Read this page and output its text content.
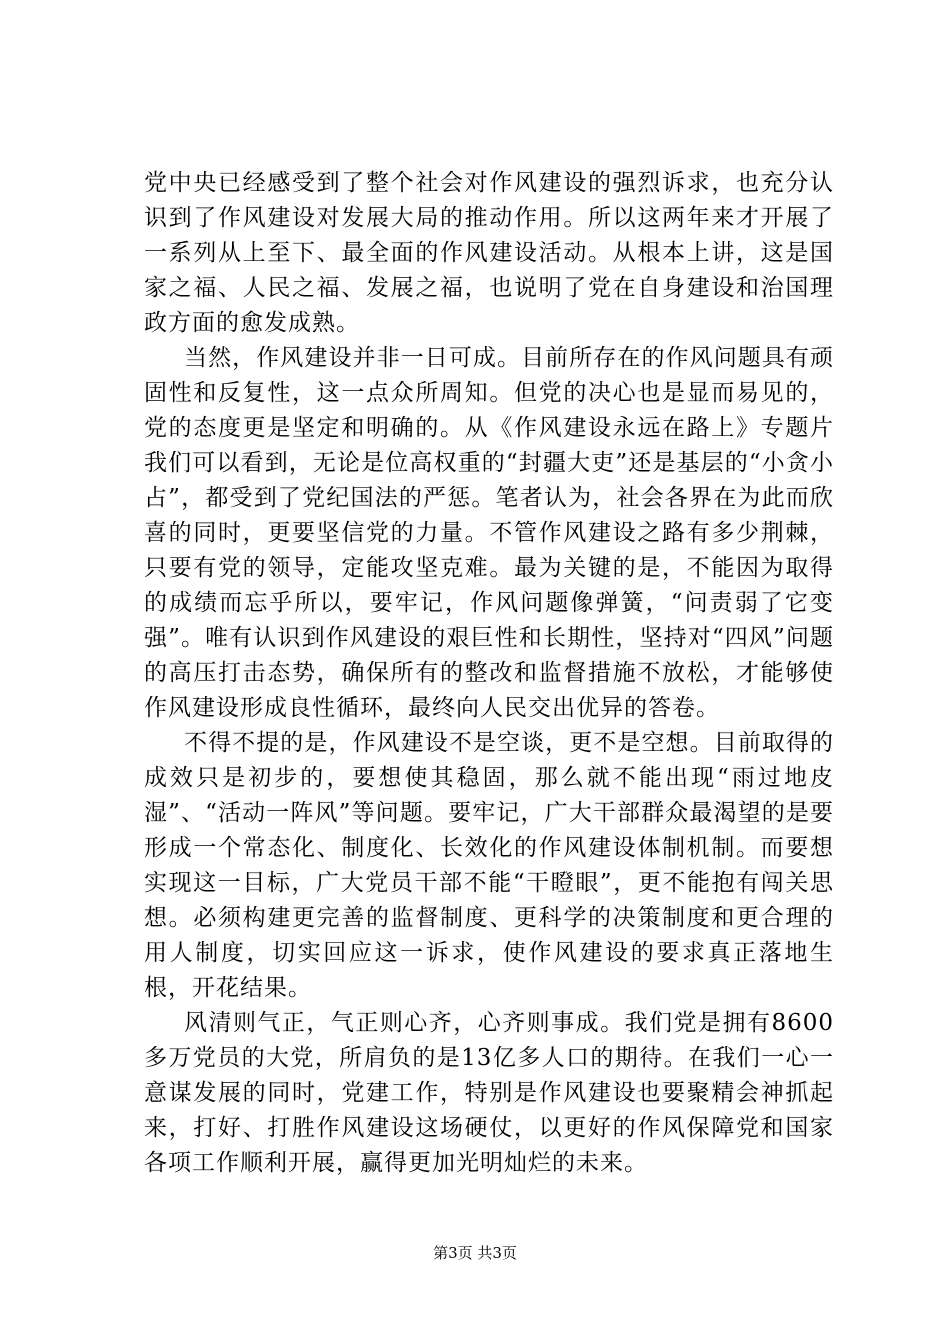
党中央已经感受到了整个社会对作风建设的强烈诉求，也充分认识到了作风建设对发展大局的推动作用。所以这两年来才开展了一系列从上至下、最全面的作风建设活动。从根本上讲，这是国家之福、人民之福、发展之福，也说明了党在自身建设和治国理政方面的愈发成熟。

当然，作风建设并非一日可成。目前所存在的作风问题具有顽固性和反复性，这一点众所周知。但党的决心也是显而易见的，党的态度更是坚定和明确的。从《作风建设永远在路上》专题片我们可以看到，无论是位高权重的“封疆大吏”还是基层的“小贪小占”，都受到了党纪国法的严惩。笔者认为，社会各界在为此而欣喜的同时，更要坚信党的力量。不管作风建设之路有多少荆棘，只要有党的领导，定能攻坚克难。最为关键的是，不能因为取得的成绩而忘乎所以，要牢记，作风问题像弹簧，“问责弱了它变强”。唯有认识到作风建设的艰巨性和长期性，坚持对“四风”问题的高压打击态势，确保所有的整改和监督措施不放松，才能够使作风建设形成良性循环，最终向人民交出优异的答卷。

不得不提的是，作风建设不是空谈，更不是空想。目前取得的成效只是初步的，要想使其稳固，那么就不能出现“雨过地皮湿”、“活动一阵风”等问题。要牢记，广大干部群众最渴望的是要形成一个常态化、制度化、长效化的作风建设体制机制。而要想实现这一目标，广大党员干部不能“干瞪眼”，更不能抱有闯关思想。必须构建更完善的监督制度、更科学的决策制度和更合理的用人制度，切实回应这一诉求，使作风建设的要求真正落地生根，开花结果。

风清则气正，气正则心齐，心齐则事成。我们党是拥有8600多万党员的大党，所肩负的是13亿多人口的期待。在我们一心一意谋发展的同时，党建工作，特别是作风建设也要聚精会神抓起来，打好、打胜作风建设这场硬仗，以更好的作风保障党和国家各项工作顺利开展，赢得更加光明灿烂的未来。

第3页 共3页
